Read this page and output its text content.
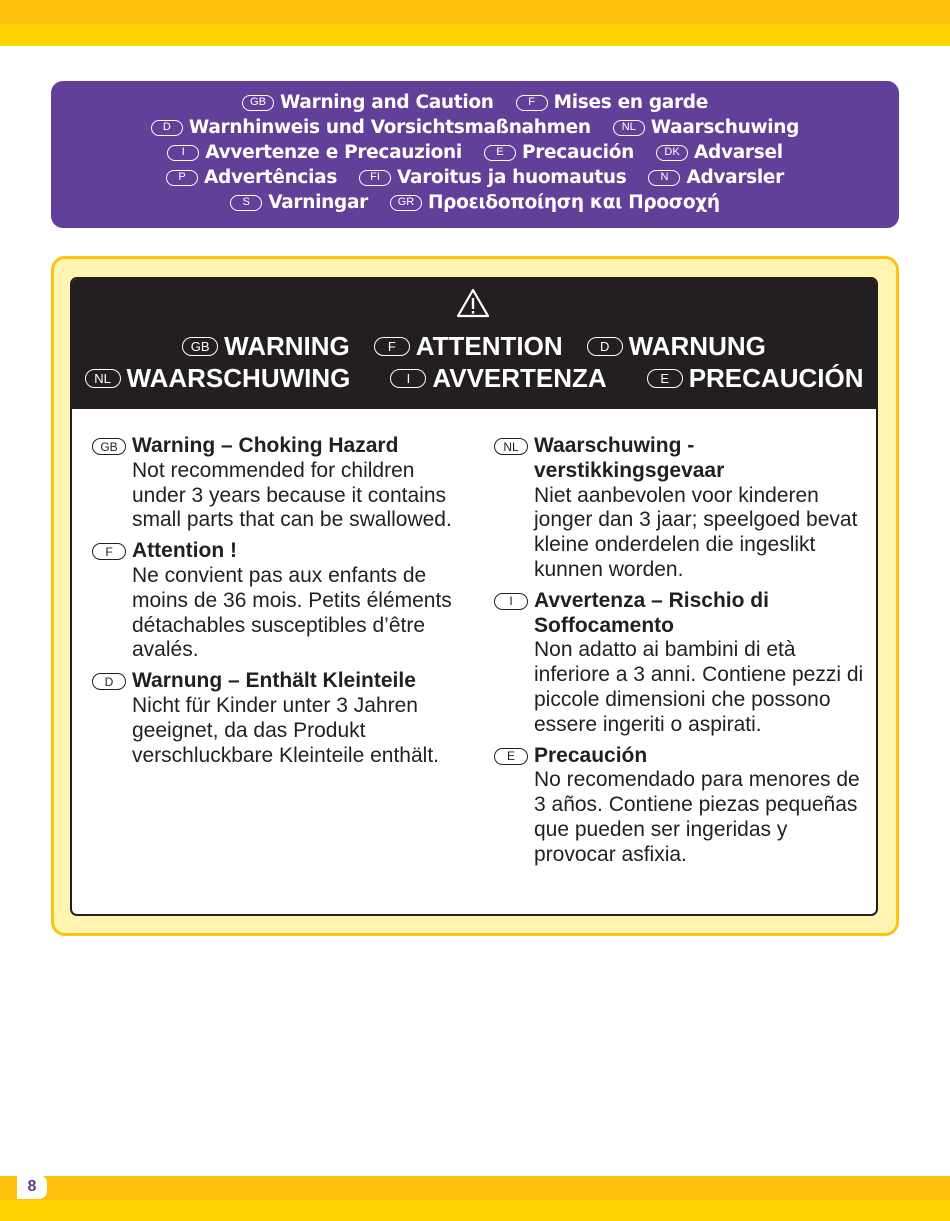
GB Warning and Caution	F	Mises en garde
D Warnhinweis und Vorsichtsmaßnahmen	NL Waarschuwing
I	Avvertenze e Precauzioni	E Precaución	DK Advarsel
P Advertências	FI Varoitus ja huomautus	N Advarsler
S Varningar	GR Προειδοποίηση και Προσοχή
GB WARNING	F ATTENTION	D WARNUNG
NL WAARSCHUWING	I AVVERTENZA	E PRECAUCIÓN
GB Warning – Choking Hazard
Not recommended for children under 3 years because it contains small parts that can be swallowed.
F Attention !
Ne convient pas aux enfants de moins de 36 mois. Petits éléments détachables susceptibles d’être avalés.
D Warnung – Enthält Kleinteile
Nicht für Kinder unter 3 Jahren geeignet, da das Produkt verschluckbare Kleinteile enthält.
NL Waarschuwing - verstikkingsgevaar
Niet aanbevolen voor kinderen jonger dan 3 jaar; speelgoed bevat kleine onderdelen die ingeslikt kunnen worden.
I	Avvertenza – Rischio di Soffocamento
Non adatto ai bambini di età inferiore a 3 anni. Contiene pezzi di piccole dimensioni che possono essere ingeriti o aspirati.
E Precaución
No recomendado para menores de 3 años. Contiene piezas pequeñas que pueden ser ingeridas y provocar asfixia.
8
